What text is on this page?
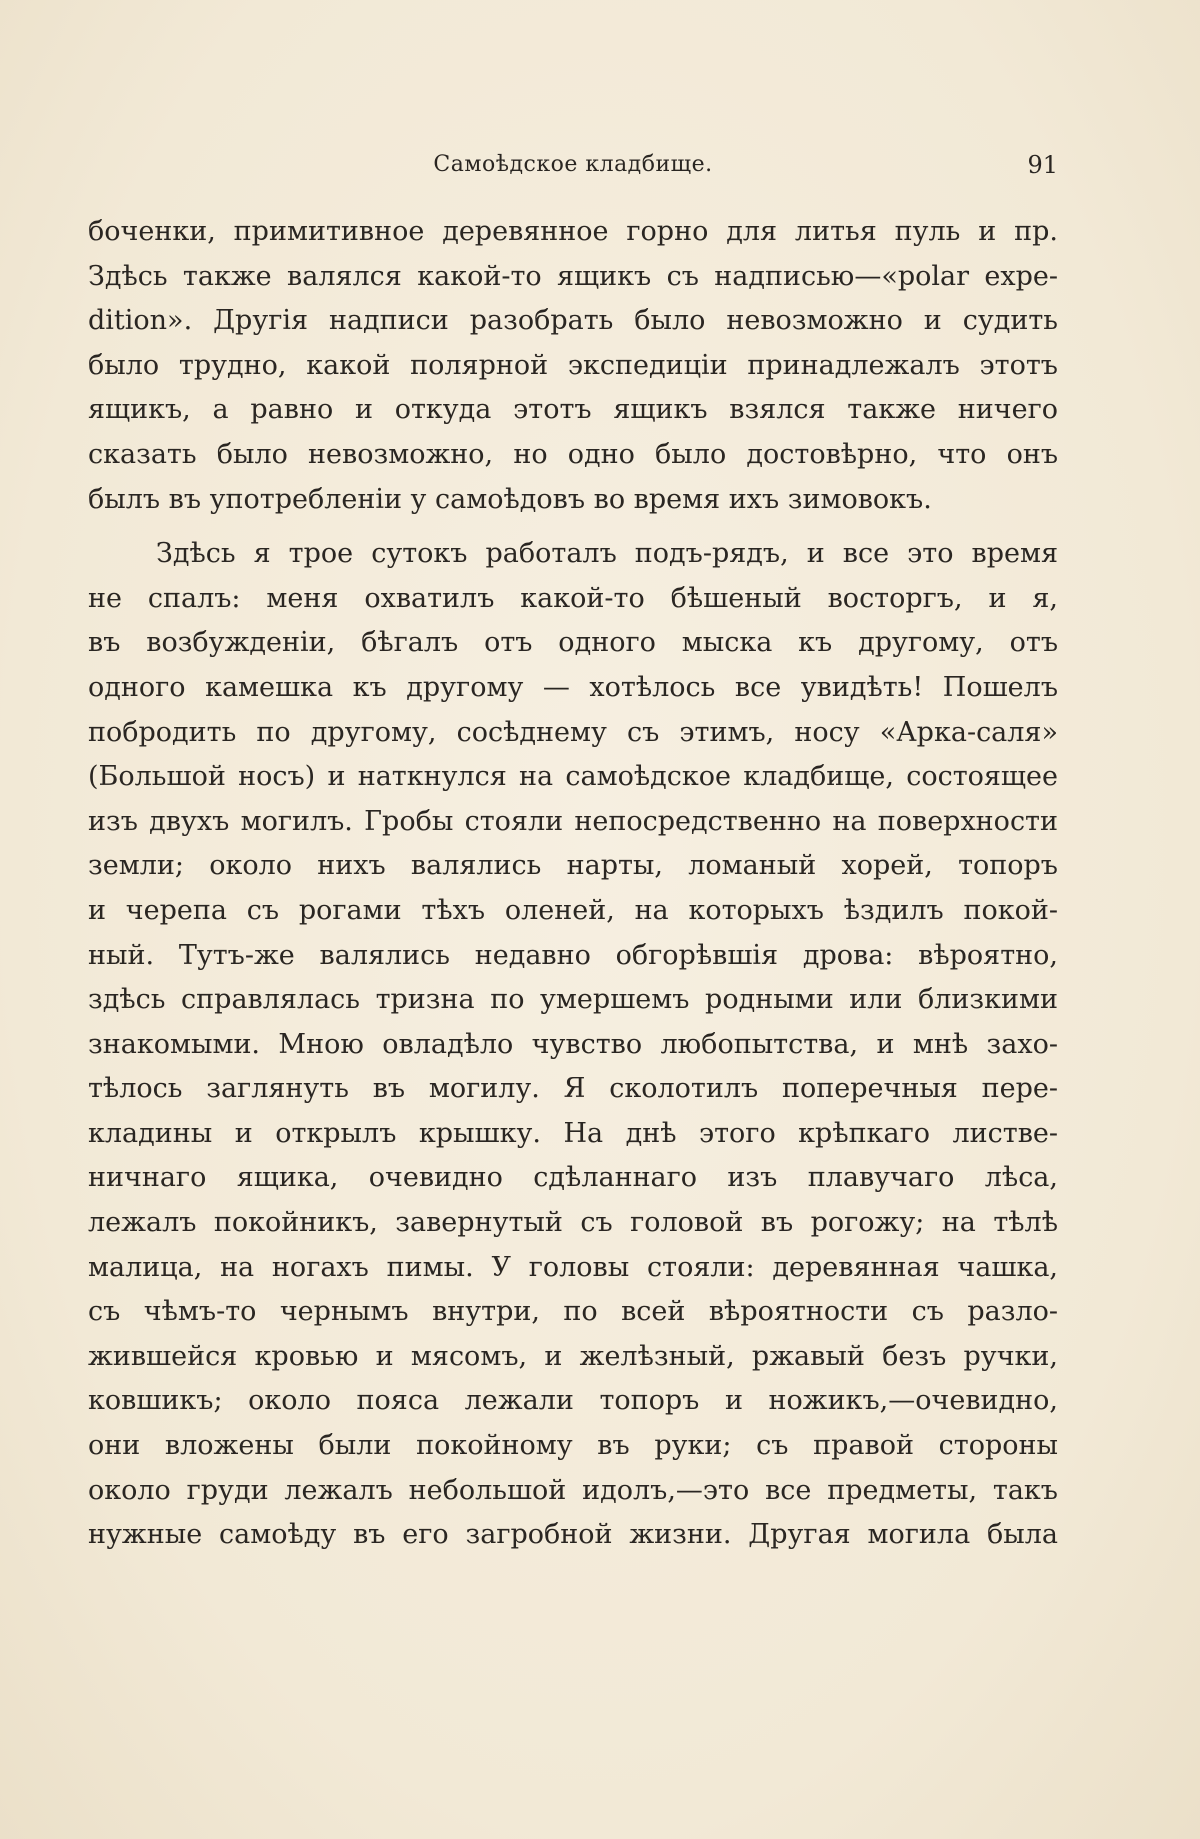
Самоѣдское кладбище.	91
боченки, примитивное деревянное горно для литья пуль и пр.
Здѣсь также валялся какой-то ящикъ съ надписью—«polar expe-
dition». Другія надписи разобрать было невозможно и судить
было трудно, какой полярной экспедиціи принадлежалъ этотъ
ящикъ, а равно и откуда этотъ ящикъ взялся также ничего
сказать было невозможно, но одно было достовѣрно, что онъ
былъ въ употребленіи у самоѣдовъ во время ихъ зимовокъ.
Здѣсь я трое сутокъ работалъ подъ-рядъ, и все это время
не спалъ: меня охватилъ какой-то бѣшеный восторгъ, и я,
въ возбужденіи, бѣгалъ отъ одного мыска къ другому, отъ
одного камешка къ другому — хотѣлось все увидѣть! Пошелъ
побродить по другому, сосѣднему съ этимъ, носу «Арка-саля»
(Большой носъ) и наткнулся на самоѣдское кладбище, состоящее
изъ двухъ могилъ. Гробы стояли непосредственно на поверхности
земли; около нихъ валялись нарты, ломаный хорей, топоръ
и черепа съ рогами тѣхъ оленей, на которыхъ ѣздилъ покой-
ный. Тутъ-же валялись недавно обгорѣвшія дрова: вѣроятно,
здѣсь справлялась тризна по умершемъ родными или близкими
знакомыми. Мною овладѣло чувство любопытства, и мнѣ захо-
тѣлось заглянуть въ могилу. Я сколотилъ поперечныя пере-
кладины и открылъ крышку. На днѣ этого крѣпкаго листве-
ничнаго ящика, очевидно сдѣланнаго изъ плавучаго лѣса,
лежалъ покойникъ, завернутый съ головой въ рогожу; на тѣлѣ
малица, на ногахъ пимы. У головы стояли: деревянная чашка,
съ чѣмъ-то чернымъ внутри, по всей вѣроятности съ разло-
жившейся кровью и мясомъ, и желѣзный, ржавый безъ ручки,
ковшикъ; около пояса лежали топоръ и ножикъ,—очевидно,
они вложены были покойному въ руки; съ правой стороны
около груди лежалъ небольшой идолъ,—это все предметы, такъ
нужные самоѣду въ его загробной жизни. Другая могила была
